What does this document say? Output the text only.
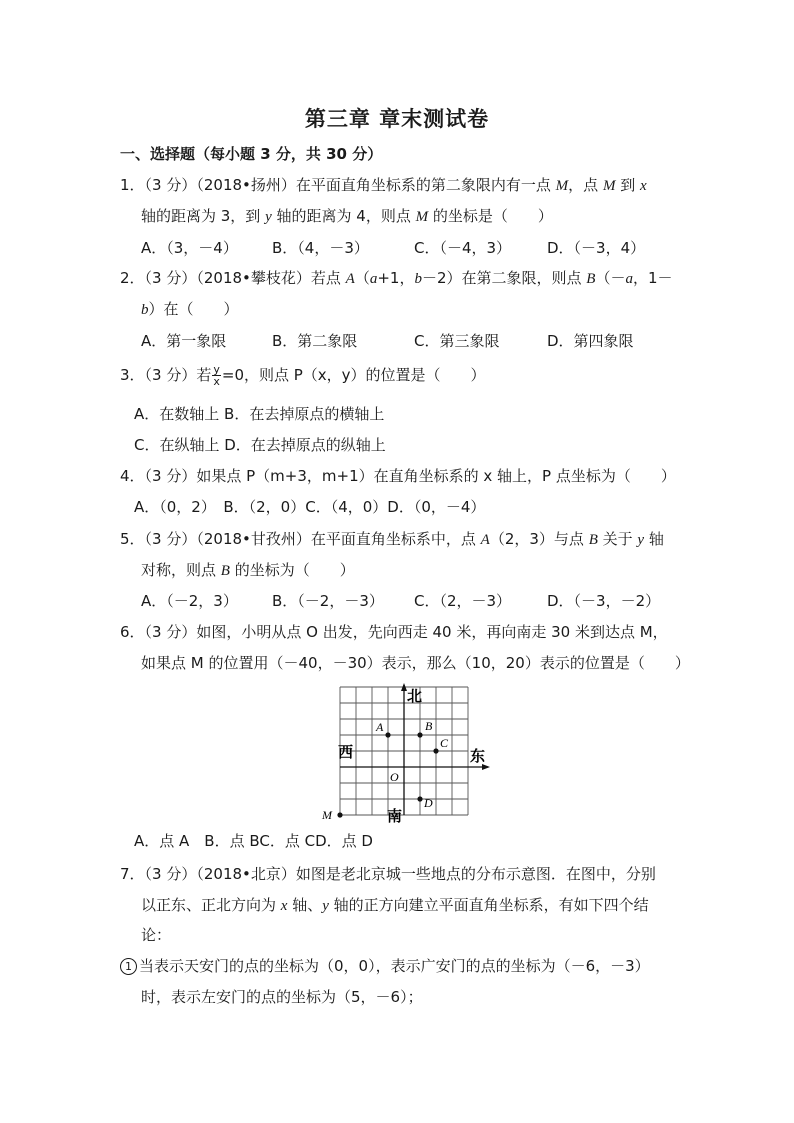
第三章 章末测试卷
一、选择题（每小题 3 分，共 30 分）
1．（3 分）（2018•扬州）在平面直角坐标系的第二象限内有一点 M，点 M 到 x
轴的距离为 3，到 y 轴的距离为 4，则点 M 的坐标是（　　）
A．（3，－4） B．（4，－3）	C．（－4，3） D．（－3，4）
2．（3 分）（2018•攀枝花）若点 A（a+1，b－2）在第二象限，则点 B（－a，1－
b）在（　　）
A．第一象限	B．第二象限	C．第三象限	D．第四象限
3．（3 分）若 $\frac{y}{x} =0$，则点 P（x，y）的位置是（　　）
A．在数轴上 B．在去掉原点的横轴上
C．在纵轴上 D．在去掉原点的纵轴上
4．（3 分）如果点 P（m+3，m+1）在直角坐标系的 x 轴上，P 点坐标为（　　）
A．（0，2）　B．（2，0）C．（4，0）D．（0，－4）
5．（3 分）（2018•甘孜州）在平面直角坐标系中，点 A（2，3）与点 B 关于 y 轴
对称，则点 B 的坐标为（　　）
A．（－2，3） B．（－2，－3） C．（2，－3） D．（－3，－2）
6．（3 分）如图，小明从点 O 出发，先向西走 40 米，再向南走 30 米到达点 M，
如果点 M 的位置用（－40，－30）表示，那么（10，20）表示的位置是（　　）
北
南
西	东
A	B
C
O
D
M
A．点 A　B．点 BC．点 CD．点 D
7．（3 分）（2018•北京）如图是老北京城一些地点的分布示意图．在图中，分别
以正东、正北方向为 x 轴、y 轴的正方向建立平面直角坐标系，有如下四个结
论：
1 当表示天安门的点的坐标为（0，0），表示广安门的点的坐标为（－6，－3）
时，表示左安门的点的坐标为（5，－6）；
